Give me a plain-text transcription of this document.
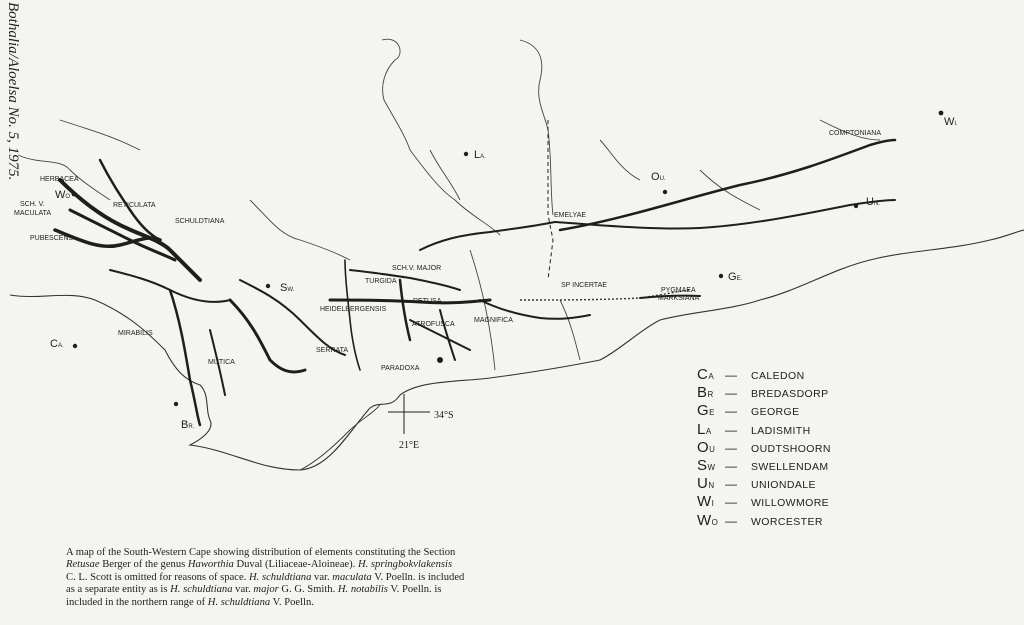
Bothalia/Aloelsa No. 5, 1975.
WO
CA.
BR.
SW.
LA.
OU.
GE.
UN.
WI.
HERBACEA
SCH. V.
MACULATA
RETICULATA
SCHULDTIANA
PUBESCENS
MIRABILIS
MUTICA
SERRATA
PARADOXA
TURGIDA
SCH.V. MAJOR
HEIDELBERGENSIS
RETUSA
ATROFUSCA
MAGNIFICA
SP INCERTAE
PYGMAEA
MARKSIANA
EMELYAE
COMPTONIANA
34°S
21°E
CA —	CALEDON
BR —	BREDASDORP
GE —	GEORGE
LA	—	LADISMITH
OU —	OUDTSHOORN
SW —	SWELLENDAM
UN —	UNIONDALE
WI —	WILLOWMORE
WO —	WORCESTER

A map of the South-Western Cape showing distribution of elements constituting the Section

Retusae Berger of the genus Haworthia Duval (Liliaceae-Aloineae). H. springbokvlakensis

C. L. Scott is omitted for reasons of space. H. schuldtiana var. maculata V. Poelln. is included

as a separate entity as is H. schuldtiana var. major G. G. Smith. H. notabilis V. Poelln. is

included in the northern range of H. schuldtiana V. Poelln.
